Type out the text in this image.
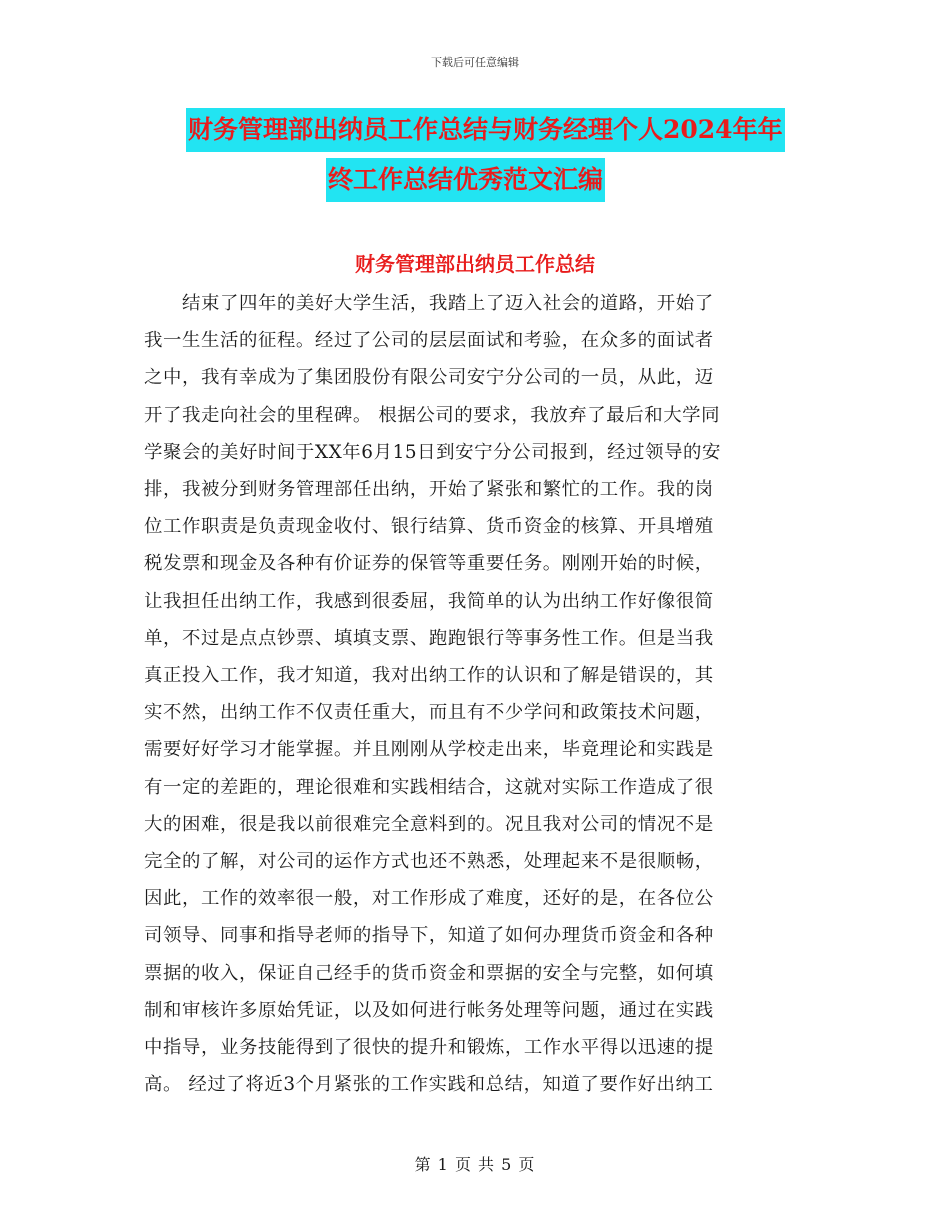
下载后可任意编辑
财务管理部出纳员工作总结与财务经理个人2024年年
终工作总结优秀范文汇编
财务管理部出纳员工作总结
　　结束了四年的美好大学生活，我踏上了迈入社会的道路，开始了
我一生生活的征程。经过了公司的层层面试和考验，在众多的面试者
之中，我有幸成为了集团股份有限公司安宁分公司的一员，从此，迈
开了我走向社会的里程碑。 根据公司的要求，我放弃了最后和大学同
学聚会的美好时间于XX年6月15日到安宁分公司报到，经过领导的安
排，我被分到财务管理部任出纳，开始了紧张和繁忙的工作。我的岗
位工作职责是负责现金收付、银行结算、货币资金的核算、开具增殖
税发票和现金及各种有价证券的保管等重要任务。刚刚开始的时候，
让我担任出纳工作，我感到很委屈，我简单的认为出纳工作好像很简
单，不过是点点钞票、填填支票、跑跑银行等事务性工作。但是当我
真正投入工作，我才知道，我对出纳工作的认识和了解是错误的，其
实不然，出纳工作不仅责任重大，而且有不少学问和政策技术问题，
需要好好学习才能掌握。并且刚刚从学校走出来，毕竟理论和实践是
有一定的差距的，理论很难和实践相结合，这就对实际工作造成了很
大的困难，很是我以前很难完全意料到的。况且我对公司的情况不是
完全的了解，对公司的运作方式也还不熟悉，处理起来不是很顺畅，
因此，工作的效率很一般，对工作形成了难度，还好的是，在各位公
司领导、同事和指导老师的指导下，知道了如何办理货币资金和各种
票据的收入，保证自己经手的货币资金和票据的安全与完整，如何填
制和审核许多原始凭证，以及如何进行帐务处理等问题，通过在实践
中指导，业务技能得到了很快的提升和锻炼，工作水平得以迅速的提
高。 经过了将近3个月紧张的工作实践和总结，知道了要作好出纳工
第 1 页 共 5 页
